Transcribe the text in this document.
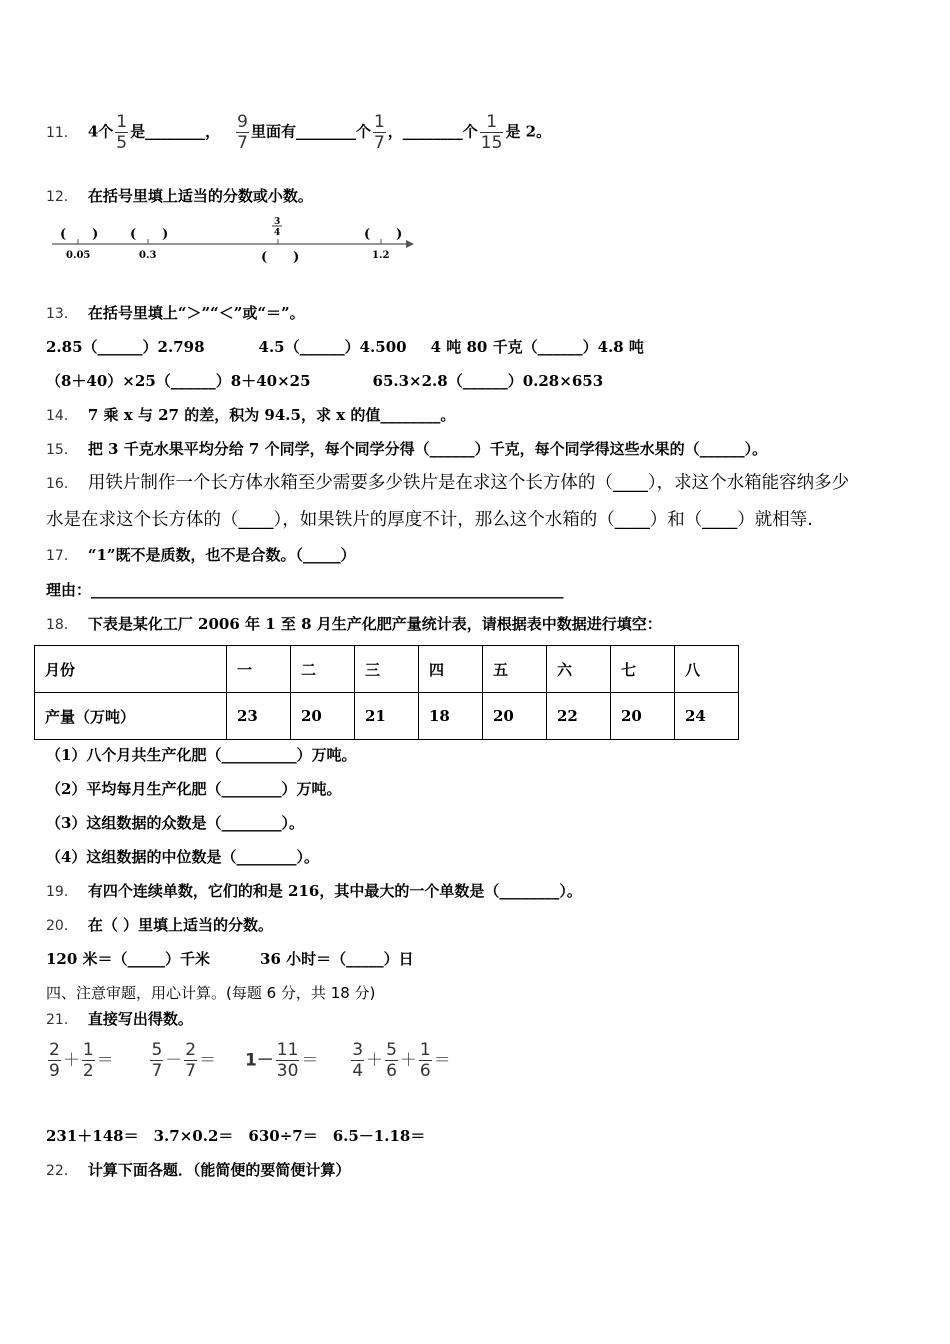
11． 4个 $\frac{1}{5}$ 是________， $\frac{9}{7}$ 里面有________个 $\frac{1}{7}$ ，________个 $\frac{1}{15}$ 是 2。
12． 在括号里填上适当的分数或小数。
(　　) (　　)	(　　)
(　　)
0.05	0.3	1.2
3
4
13． 在括号里填上“＞”“＜”或“＝”。
2.85（______）2.798	4.5（______）4.500 4 吨 80 千克（______）4.8 吨
（8＋40）×25（______）8＋40×25	65.3×2.8（______）0.28×653
14． 7 乘 x 与 27 的差，积为 94.5，求 x 的值________。
15． 把 3 千克水果平均分给 7 个同学，每个同学分得（______）千克，每个同学得这些水果的（______）。
16． 用铁片制作一个长方体水箱至少需要多少铁片是在求这个长方体的（____），求这个水箱能容纳多少
水是在求这个长方体的（____），如果铁片的厚度不计，那么这个水箱的（____）和（____）就相等.
17． “1”既不是质数，也不是合数。（_____）
理由：_______________________________________________________________
18． 下表是某化工厂 2006 年 1 至 8 月生产化肥产量统计表，请根据表中数据进行填空：
月份	一	二	三	四	五	六	七	八
产量（万吨）	23	20	21	18	20	22	20	24
（1）八个月共生产化肥（__________）万吨。
（2）平均每月生产化肥（________）万吨。
（3）这组数据的众数是（________）。
（4）这组数据的中位数是（________）。
19． 有四个连续单数，它们的和是 216，其中最大的一个单数是（________）。
20． 在（ ）里填上适当的分数。
120 米＝（_____）千米	36 小时＝（_____）日
四、注意审题，用心计算。(每题 6 分，共 18 分)
21． 直接写出得数。
$\frac{2}{9} + \frac{1}{2} = \frac{5}{7} - \frac{2}{7} = 1- \frac{11}{30} = \frac{3}{4} + \frac{5}{6} + \frac{1}{6}$ ＝
231＋148＝　3.7×0.2＝　630÷7＝　6.5－1.18＝
22． 计算下面各题．（能简便的要简便计算）
